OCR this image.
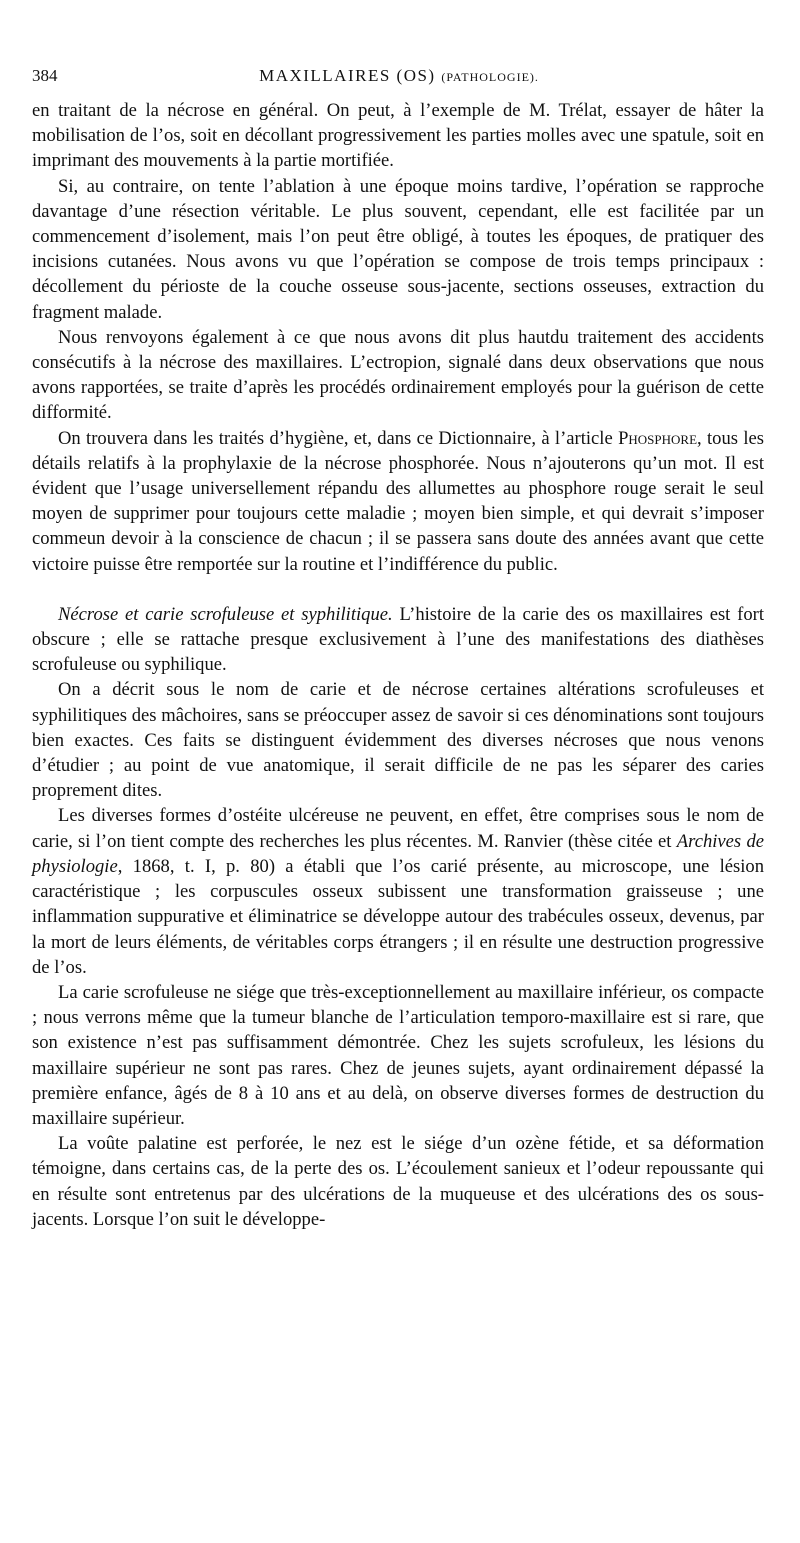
384	MAXILLAIRES (OS) (PATHOLOGIE).

en traitant de la nécrose en général. On peut, à l’exemple de M. Trélat, essayer de hâter la mobilisation de l’os, soit en décollant progressivement les parties molles avec une spatule, soit en imprimant des mouvements à la partie mortifiée.

Si, au contraire, on tente l’ablation à une époque moins tardive, l’opération se rapproche davantage d’une résection véritable. Le plus souvent, cependant, elle est facilitée par un commencement d’isolement, mais l’on peut être obligé, à toutes les époques, de pratiquer des incisions cutanées. Nous avons vu que l’opération se compose de trois temps principaux : décollement du périoste de la couche osseuse sous-jacente, sections osseuses, extraction du fragment malade.

Nous renvoyons également à ce que nous avons dit plus hautdu traitement des accidents consécutifs à la nécrose des maxillaires. L’ectropion, signalé dans deux observations que nous avons rapportées, se traite d’après les procédés ordinairement employés pour la guérison de cette difformité.

On trouvera dans les traités d’hygiène, et, dans ce Dictionnaire, à l’article Phosphore, tous les détails relatifs à la prophylaxie de la nécrose phosphorée. Nous n’ajouterons qu’un mot. Il est évident que l’usage universellement répandu des allumettes au phosphore rouge serait le seul moyen de supprimer pour toujours cette maladie ; moyen bien simple, et qui devrait s’imposer commeun devoir à la conscience de chacun ; il se passera sans doute des années avant que cette victoire puisse être remportée sur la routine et l’indifférence du public.

Nécrose et carie scrofuleuse et syphilitique. L’histoire de la carie des os maxillaires est fort obscure ; elle se rattache presque exclusivement à l’une des manifestations des diathèses scrofuleuse ou syphilique.

On a décrit sous le nom de carie et de nécrose certaines altérations scrofuleuses et syphilitiques des mâchoires, sans se préoccuper assez de savoir si ces dénominations sont toujours bien exactes. Ces faits se distinguent évidemment des diverses nécroses que nous venons d’étudier ; au point de vue anatomique, il serait difficile de ne pas les séparer des caries proprement dites.

Les diverses formes d’ostéite ulcéreuse ne peuvent, en effet, être comprises sous le nom de carie, si l’on tient compte des recherches les plus récentes. M. Ranvier (thèse citée et Archives de physiologie, 1868, t. I, p. 80) a établi que l’os carié présente, au microscope, une lésion caractéristique ; les corpuscules osseux subissent une transformation graisseuse ; une inflammation suppurative et éliminatrice se développe autour des trabécules osseux, devenus, par la mort de leurs éléments, de véritables corps étrangers ; il en résulte une destruction progressive de l’os.

La carie scrofuleuse ne siége que très-exceptionnellement au maxillaire inférieur, os compacte ; nous verrons même que la tumeur blanche de l’articulation temporo-maxillaire est si rare, que son existence n’est pas suffisamment démontrée. Chez les sujets scrofuleux, les lésions du maxillaire supérieur ne sont pas rares. Chez de jeunes sujets, ayant ordinairement dépassé la première enfance, âgés de 8 à 10 ans et au delà, on observe diverses formes de destruction du maxillaire supérieur.

La voûte palatine est perforée, le nez est le siége d’un ozène fétide, et sa déformation témoigne, dans certains cas, de la perte des os. L’écoulement sanieux et l’odeur repoussante qui en résulte sont entretenus par des ulcérations de la muqueuse et des ulcérations des os sous-jacents. Lorsque l’on suit le développe-
